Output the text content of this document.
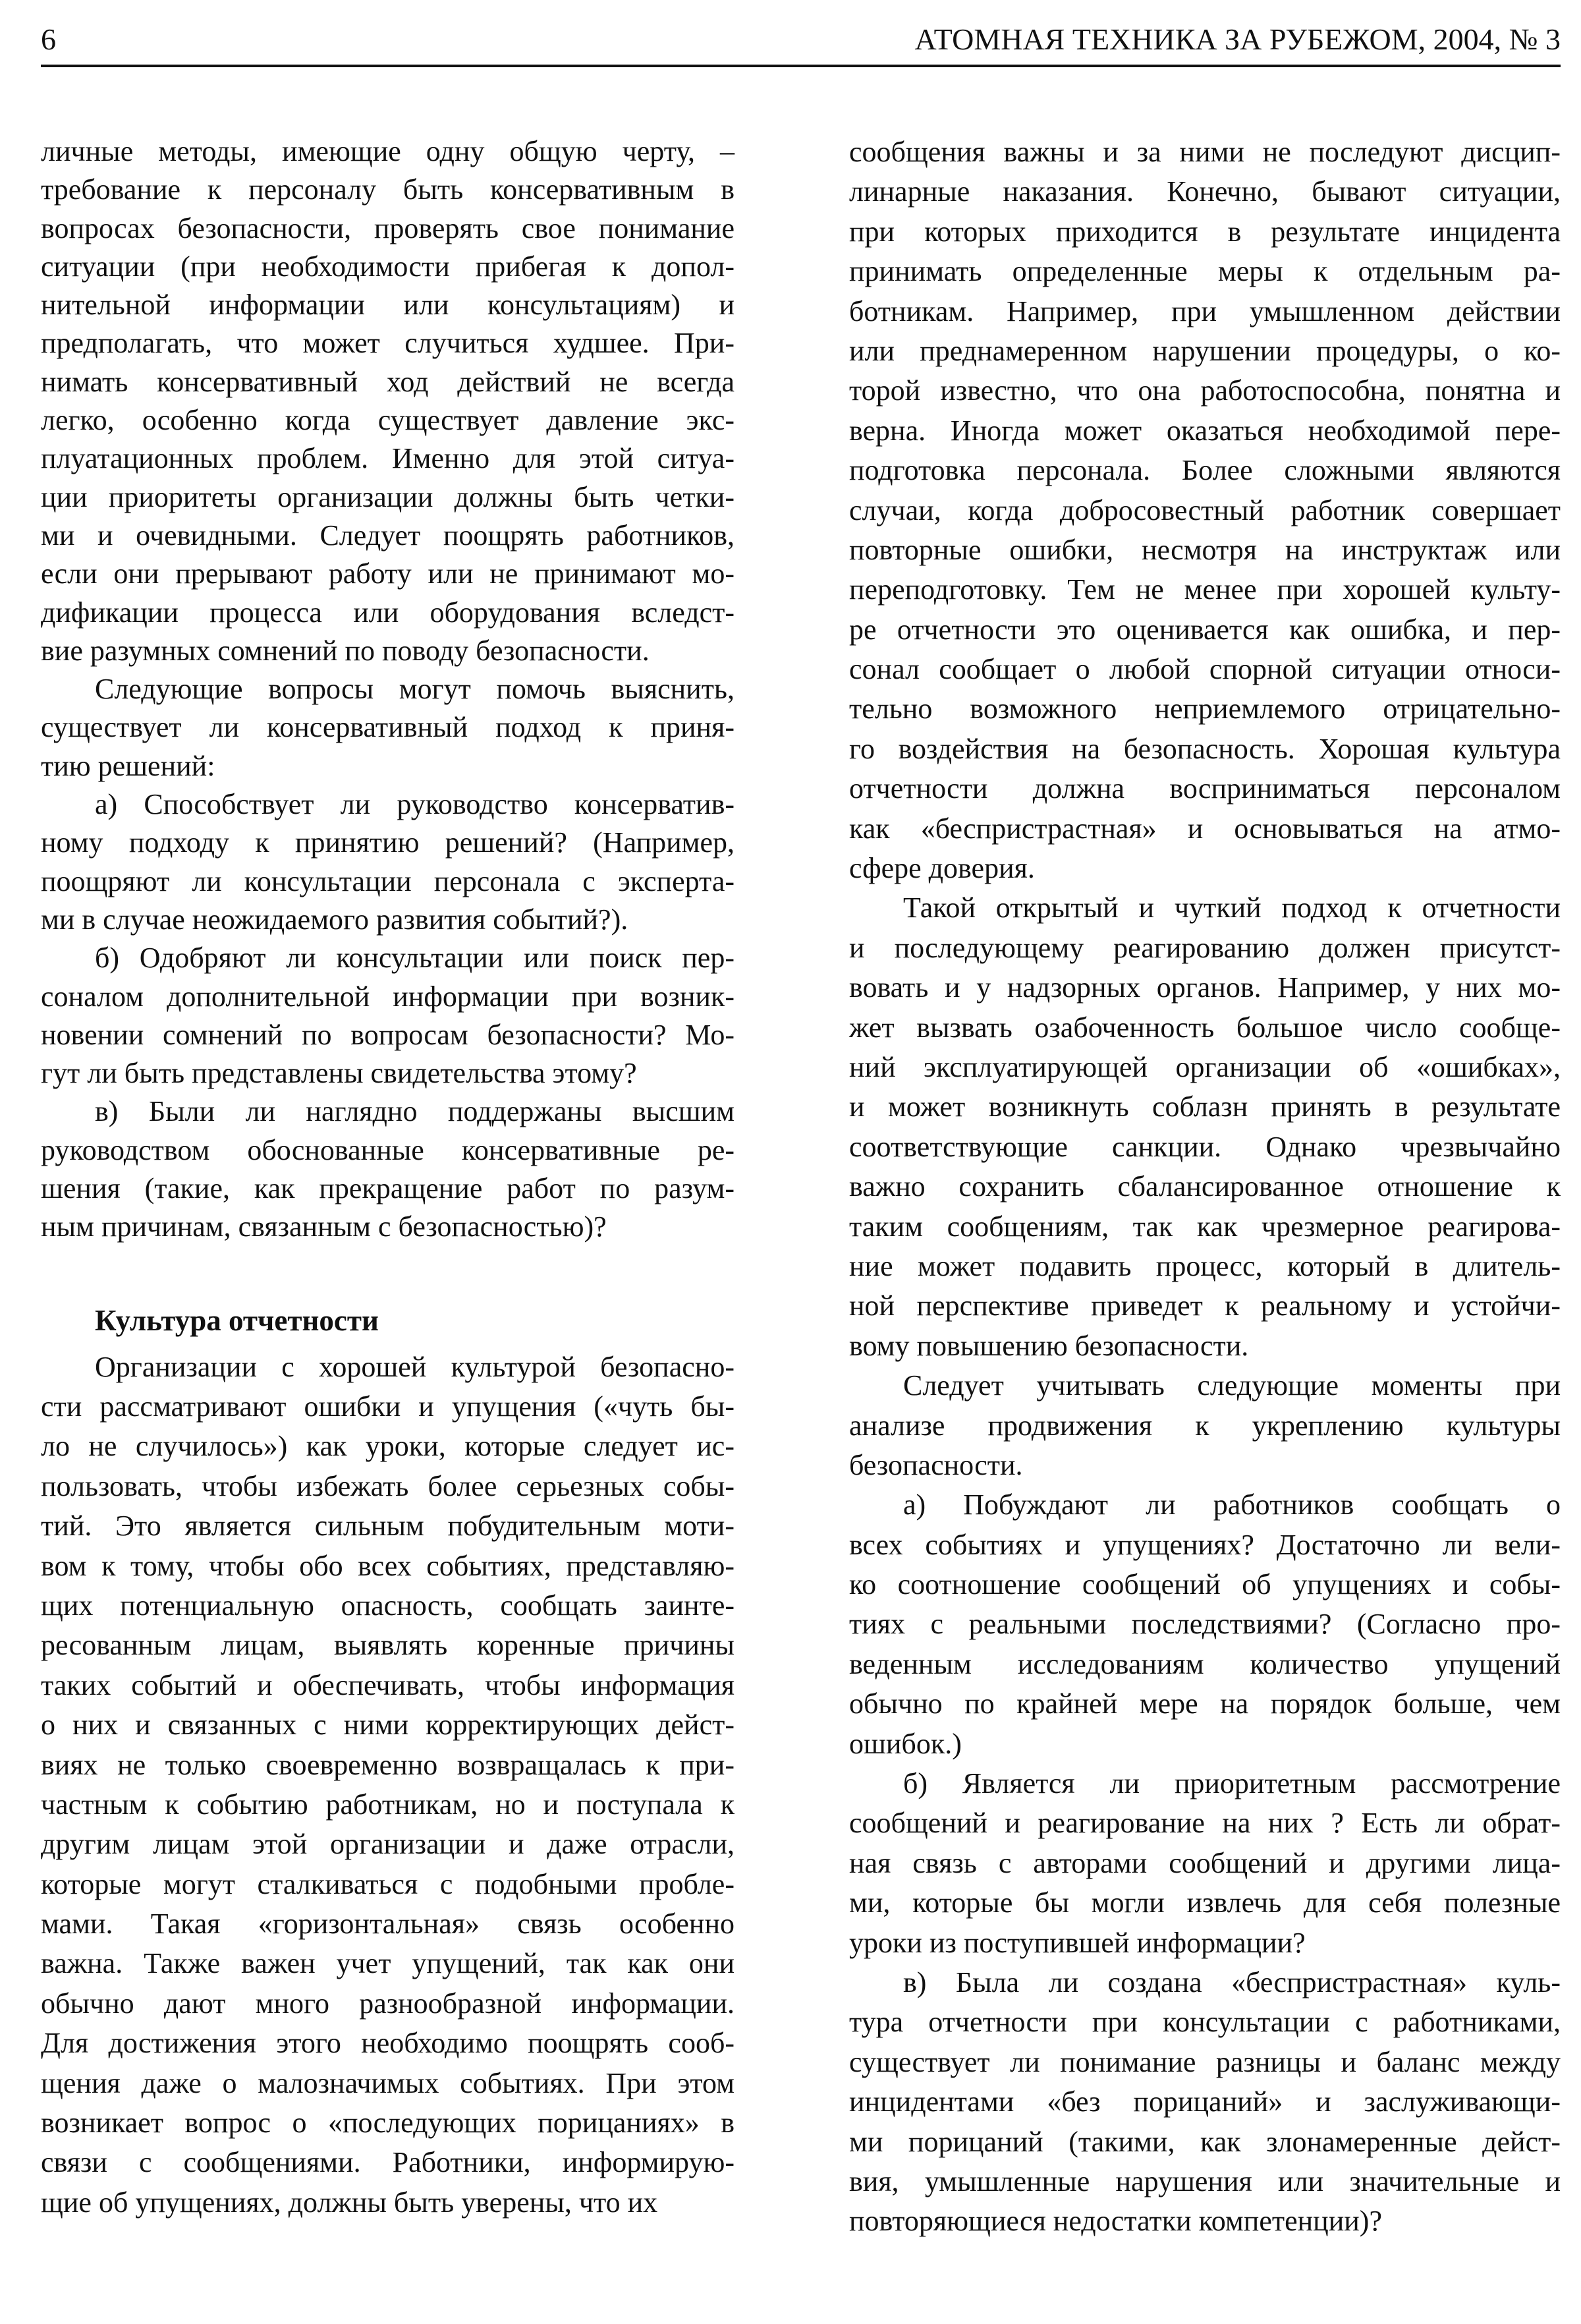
6	АТОМНАЯ ТЕХНИКА ЗА РУБЕЖОМ, 2004, № 3
личные методы, имеющие одну общую черту, –
требование к персоналу быть консервативным в
вопросах безопасности, проверять свое понимание
ситуации (при необходимости прибегая к допол-
нительной информации или консультациям) и
предполагать, что может случиться худшее. При-
нимать консервативный ход действий не всегда
легко, особенно когда существует давление экс-
плуатационных проблем. Именно для этой ситуа-
ции приоритеты организации должны быть четки-
ми и очевидными. Следует поощрять работников,
если они прерывают работу или не принимают мо-
дификации процесса или оборудования вследст-
вие разумных сомнений по поводу безопасности.
Следующие вопросы могут помочь выяснить,
существует ли консервативный подход к приня-
тию решений:
а) Способствует ли руководство консерватив-
ному подходу к принятию решений? (Например,
поощряют ли консультации персонала с эксперта-
ми в случае неожидаемого развития событий?).
б) Одобряют ли консультации или поиск пер-
соналом дополнительной информации при возник-
новении сомнений по вопросам безопасности? Мо-
гут ли быть представлены свидетельства этому?
в) Были ли наглядно поддержаны высшим
руководством обоснованные консервативные ре-
шения (такие, как прекращение работ по разум-
ным причинам, связанным с безопасностью)?
Культура отчетности
Организации с хорошей культурой безопасно-
сти рассматривают ошибки и упущения («чуть бы-
ло не случилось») как уроки, которые следует ис-
пользовать, чтобы избежать более серьезных собы-
тий. Это является сильным побудительным моти-
вом к тому, чтобы обо всех событиях, представляю-
щих потенциальную опасность, сообщать заинте-
ресованным лицам, выявлять коренные причины
таких событий и обеспечивать, чтобы информация
о них и связанных с ними корректирующих дейст-
виях не только своевременно возвращалась к при-
частным к событию работникам, но и поступала к
другим лицам этой организации и даже отрасли,
которые могут сталкиваться с подобными пробле-
мами. Такая «горизонтальная» связь особенно
важна. Также важен учет упущений, так как они
обычно дают много разнообразной информации.
Для достижения этого необходимо поощрять сооб-
щения даже о малозначимых событиях. При этом
возникает вопрос о «последующих порицаниях» в
связи с сообщениями. Работники, информирую-
щие об упущениях, должны быть уверены, что их
сообщения важны и за ними не последуют дисцип-
линарные наказания. Конечно, бывают ситуации,
при которых приходится в результате инцидента
принимать определенные меры к отдельным ра-
ботникам. Например, при умышленном действии
или преднамеренном нарушении процедуры, о ко-
торой известно, что она работоспособна, понятна и
верна. Иногда может оказаться необходимой пере-
подготовка персонала. Более сложными являются
случаи, когда добросовестный работник совершает
повторные ошибки, несмотря на инструктаж или
переподготовку. Тем не менее при хорошей культу-
ре отчетности это оценивается как ошибка, и пер-
сонал сообщает о любой спорной ситуации относи-
тельно возможного неприемлемого отрицательно-
го воздействия на безопасность. Хорошая культура
отчетности должна восприниматься персоналом
как «беспристрастная» и основываться на атмо-
сфере доверия.
Такой открытый и чуткий подход к отчетности
и последующему реагированию должен присутст-
вовать и у надзорных органов. Например, у них мо-
жет вызвать озабоченность большое число сообще-
ний эксплуатирующей организации об «ошибках»,
и может возникнуть соблазн принять в результате
соответствующие санкции. Однако чрезвычайно
важно сохранить сбалансированное отношение к
таким сообщениям, так как чрезмерное реагирова-
ние может подавить процесс, который в длитель-
ной перспективе приведет к реальному и устойчи-
вому повышению безопасности.
Следует учитывать следующие моменты при
анализе продвижения к укреплению культуры
безопасности.
а) Побуждают ли работников сообщать о
всех событиях и упущениях? Достаточно ли вели-
ко соотношение сообщений об упущениях и собы-
тиях с реальными последствиями? (Согласно про-
веденным исследованиям количество упущений
обычно по крайней мере на порядок больше, чем
ошибок.)
б) Является ли приоритетным рассмотрение
сообщений и реагирование на них ? Есть ли обрат-
ная связь с авторами сообщений и другими лица-
ми, которые бы могли извлечь для себя полезные
уроки из поступившей информации?
в) Была ли создана «беспристрастная» куль-
тура отчетности при консультации с работниками,
существует ли понимание разницы и баланс между
инцидентами «без порицаний» и заслуживающи-
ми порицаний (такими, как злонамеренные дейст-
вия, умышленные нарушения или значительные и
повторяющиеся недостатки компетенции)?
